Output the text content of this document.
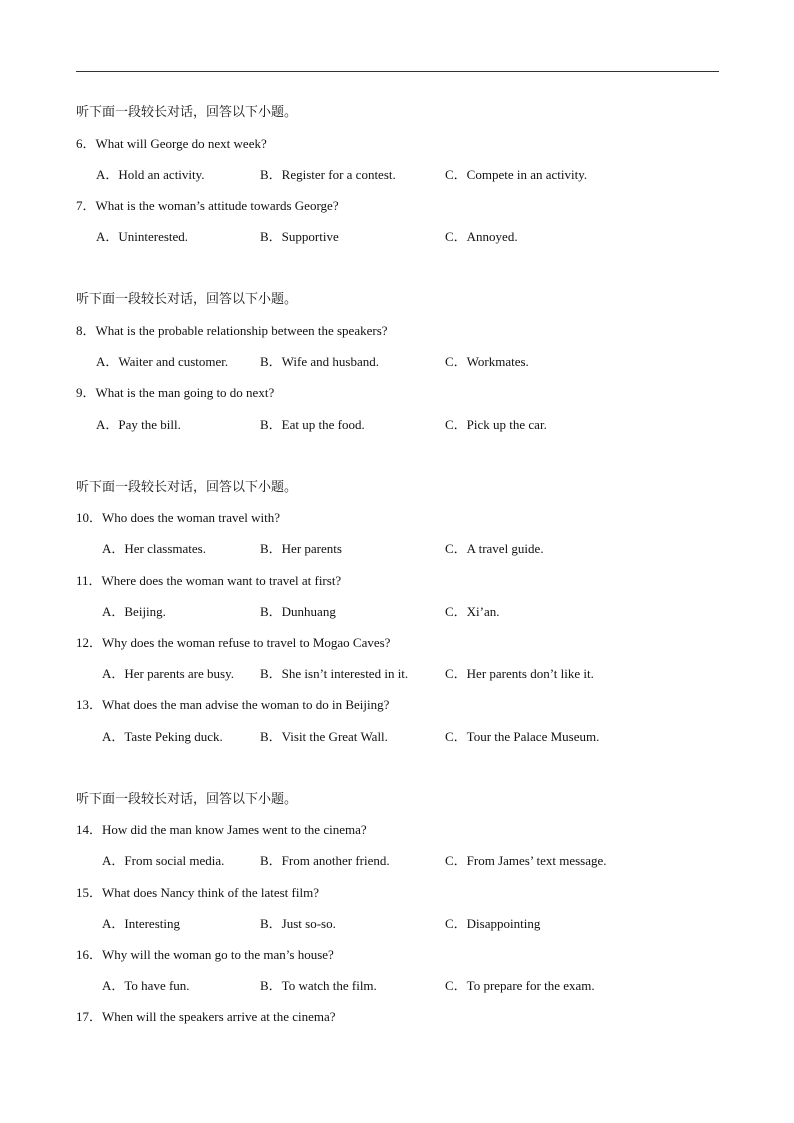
听下面一段较长对话，回答以下小题。
6．What will George do next week?
A．Hold an activity.	B．Register for a contest.	C．Compete in an activity.
7．What is the woman’s attitude towards George?
A．Uninterested.	B．Supportive	C．Annoyed.
听下面一段较长对话，回答以下小题。
8．What is the probable relationship between the speakers?
A．Waiter and customer. B．Wife and husband.	C．Workmates.
9．What is the man going to do next?
A．Pay the bill.	B．Eat up the food.	C．Pick up the car.
听下面一段较长对话，回答以下小题。
10．Who does the woman travel with?
A．Her classmates.	B．Her parents	C．A travel guide.
11．Where does the woman want to travel at first?
A．Beijing.	B．Dunhuang	C．Xi’an.
12．Why does the woman refuse to travel to Mogao Caves?
A．Her parents are busy. B．She isn’t interested in it.	C．Her parents don’t like it.
13．What does the man advise the woman to do in Beijing?
A．Taste Peking duck.	B．Visit the Great Wall.	C．Tour the Palace Museum.
听下面一段较长对话，回答以下小题。
14．How did the man know James went to the cinema?
A．From social media.	B．From another friend.	C．From James’ text message.
15．What does Nancy think of the latest film?
A．Interesting	B．Just so-so.	C．Disappointing
16．Why will the woman go to the man’s house?
A．To have fun.	B．To watch the film.	C．To prepare for the exam.
17．When will the speakers arrive at the cinema?
